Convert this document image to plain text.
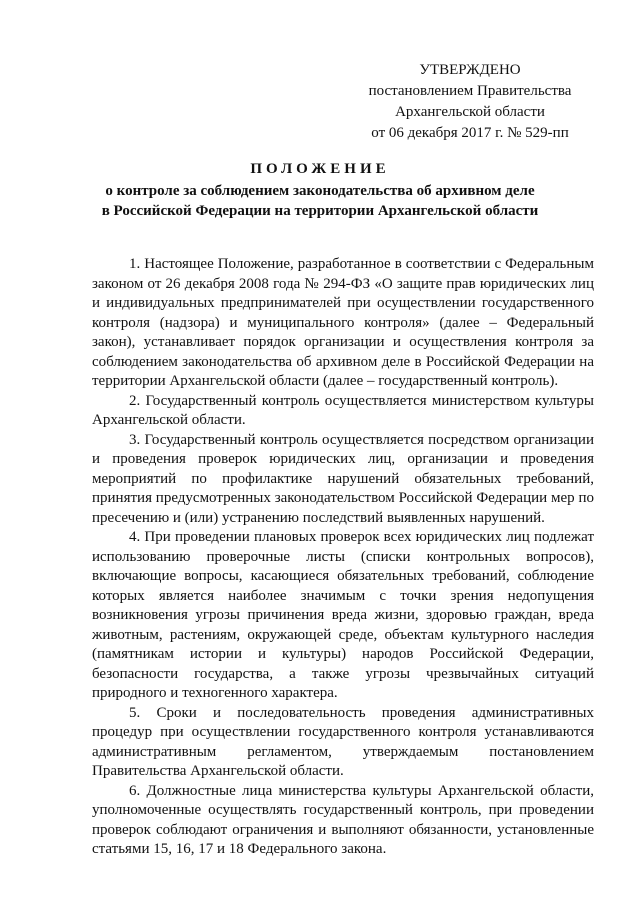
УТВЕРЖДЕНО
постановлением Правительства
Архангельской области
от 06 декабря 2017 г. № 529-пп
ПОЛОЖЕНИЕ
о контроле за соблюдением законодательства об архивном деле
в Российской Федерации на территории Архангельской области

1. Настоящее Положение, разработанное в соответствии с Федеральным законом от 26 декабря 2008 года № 294-ФЗ «О защите прав юридических лиц и индивидуальных предпринимателей при осуществлении государственного контроля (надзора) и муниципального контроля» (далее – Федеральный закон), устанавливает порядок организации и осуществления контроля за соблюдением законодательства об архивном деле в Российской Федерации на территории Архангельской области (далее – государственный контроль).

2. Государственный контроль осуществляется министерством культуры Архангельской области.

3. Государственный контроль осуществляется посредством организации и проведения проверок юридических лиц, организации и проведения мероприятий по профилактике нарушений обязательных требований, принятия предусмотренных законодательством Российской Федерации мер по пресечению и (или) устранению последствий выявленных нарушений.

4. При проведении плановых проверок всех юридических лиц подлежат использованию проверочные листы (списки контрольных вопросов), включающие вопросы, касающиеся обязательных требований, соблюдение которых является наиболее значимым с точки зрения недопущения возникновения угрозы причинения вреда жизни, здоровью граждан, вреда животным, растениям, окружающей среде, объектам культурного наследия (памятникам истории и культуры) народов Российской Федерации, безопасности государства, а также угрозы чрезвычайных ситуаций природного и техногенного характера.

5. Сроки и последовательность проведения административных процедур при осуществлении государственного контроля устанавливаются административным регламентом, утверждаемым постановлением Правительства Архангельской области.

6. Должностные лица министерства культуры Архангельской области, уполномоченные осуществлять государственный контроль, при проведении проверок соблюдают ограничения и выполняют обязанности, установленные статьями 15, 16, 17 и 18 Федерального закона.
